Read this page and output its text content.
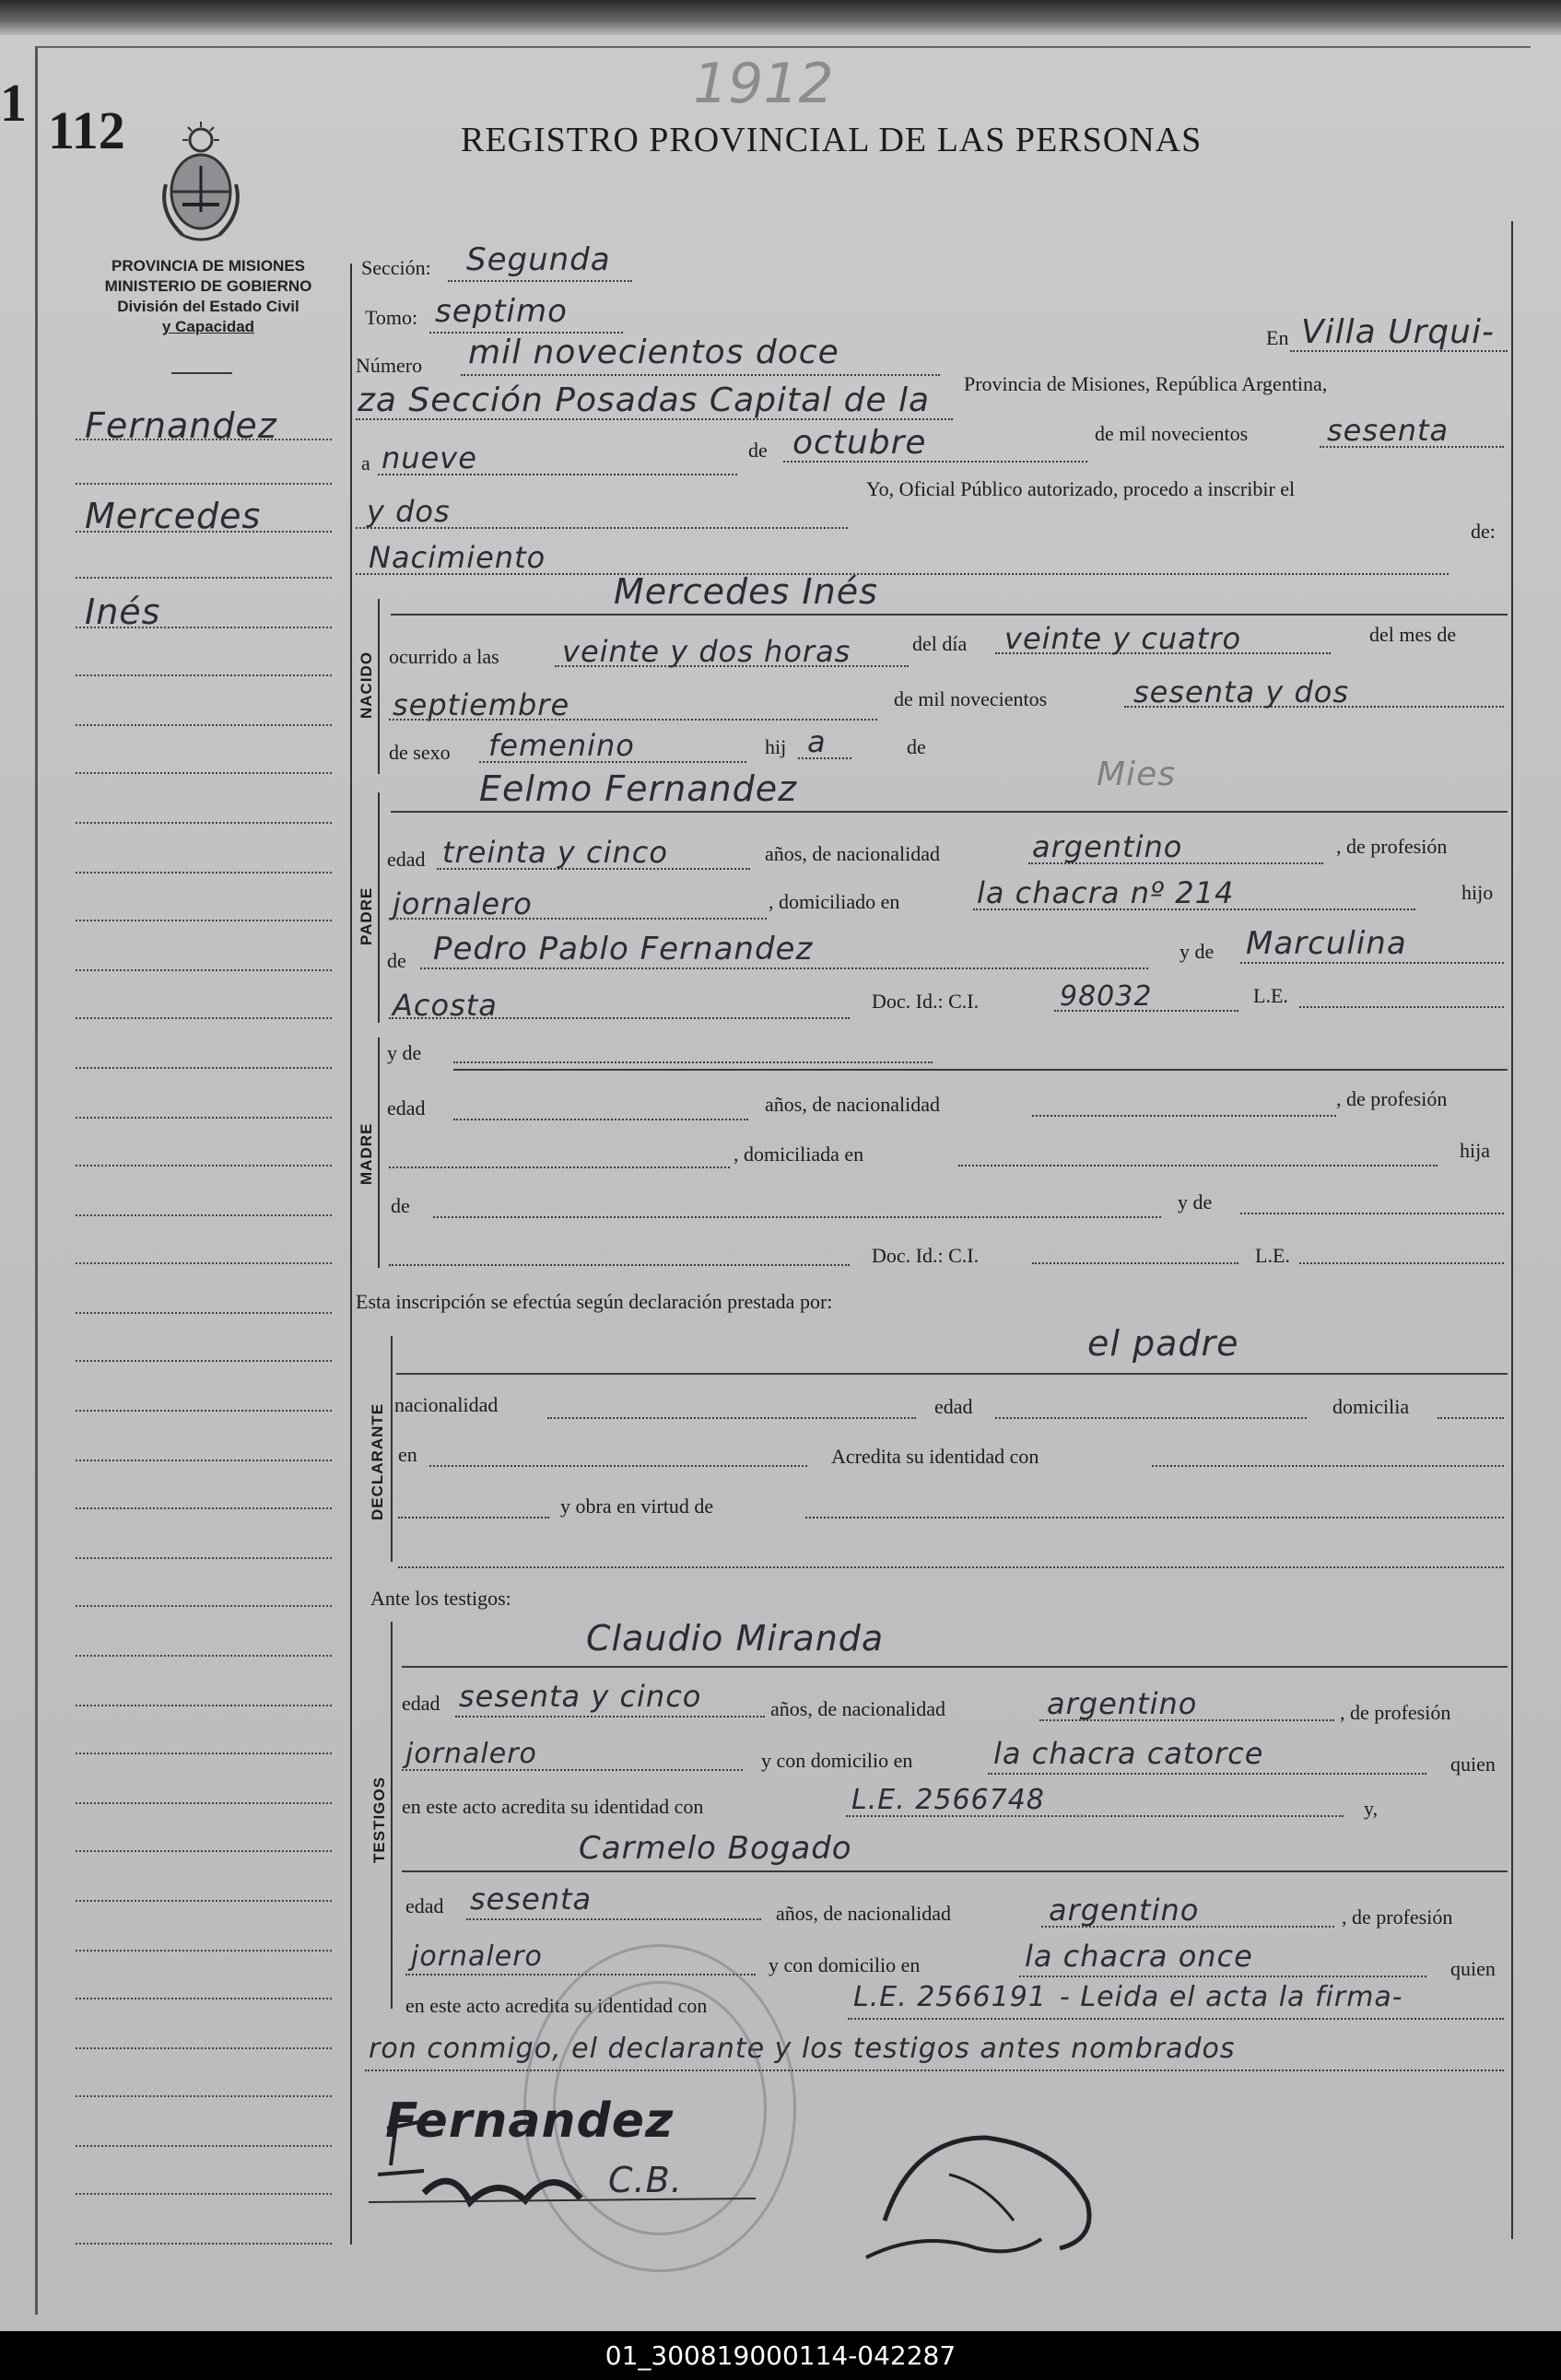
1 112
1912
REGISTRO PROVINCIAL DE LAS PERSONAS
PROVINCIA DE MISIONES
MINISTERIO DE GOBIERNO
División del Estado Civil
y Capacidad
Fernandez
Mercedes
Inés
Sección: Segunda
Tomo: septimo
Número mil novecientos doce	En Villa Urqui-
za Sección Posadas Capital de la Provincia de Misiones, República Argentina,
a nueve	de octubre	de mil novecientos	sesenta
y dos
Yo, Oficial Público autorizado, procedo a inscribir el
Nacimiento
de:
NACIDO
Mercedes Inés
ocurrido a las veinte y dos horas	del día veinte y cuatro	del mes de
septiembre	de mil novecientos	sesenta y dos
de sexo femenino	hij a	de
PADRE
Eelmo Fernandez	Mies
edad treinta y cinco	años, de nacionalidad	argentino	, de profesión
jornalero	, domiciliado en	la chacra nº 214	hijo
de Pedro Pablo Fernandez	y de Marculina
Acosta	Doc. Id.: C.I.	98032	L.E.
MADRE
y de
edad	años, de nacionalidad	, de profesión
, domiciliada en	hija
de	y de
Doc. Id.: C.I.	L.E.
Esta inscripción se efectúa según declaración prestada por:
DECLARANTE
el padre
nacionalidad	edad	domicilia
en	Acredita su identidad con
y obra en virtud de
Ante los testigos:
TESTIGOS
Claudio Miranda
edad sesenta y cinco	años, de nacionalidad	argentino	, de profesión
jornalero	y con domicilio en	la chacra catorce	quien
en este acto acredita su identidad con	L.E. 2566748	y,
Carmelo Bogado
edad sesenta	años, de nacionalidad	argentino	, de profesión
jornalero	y con domicilio en	la chacra once	quien
en este acto acredita su identidad con	L.E. 2566191 - Leida el acta la firma-
ron conmigo, el declarante y los testigos antes nombrados
Fernandez
C.B.
01_300819000114-042287
